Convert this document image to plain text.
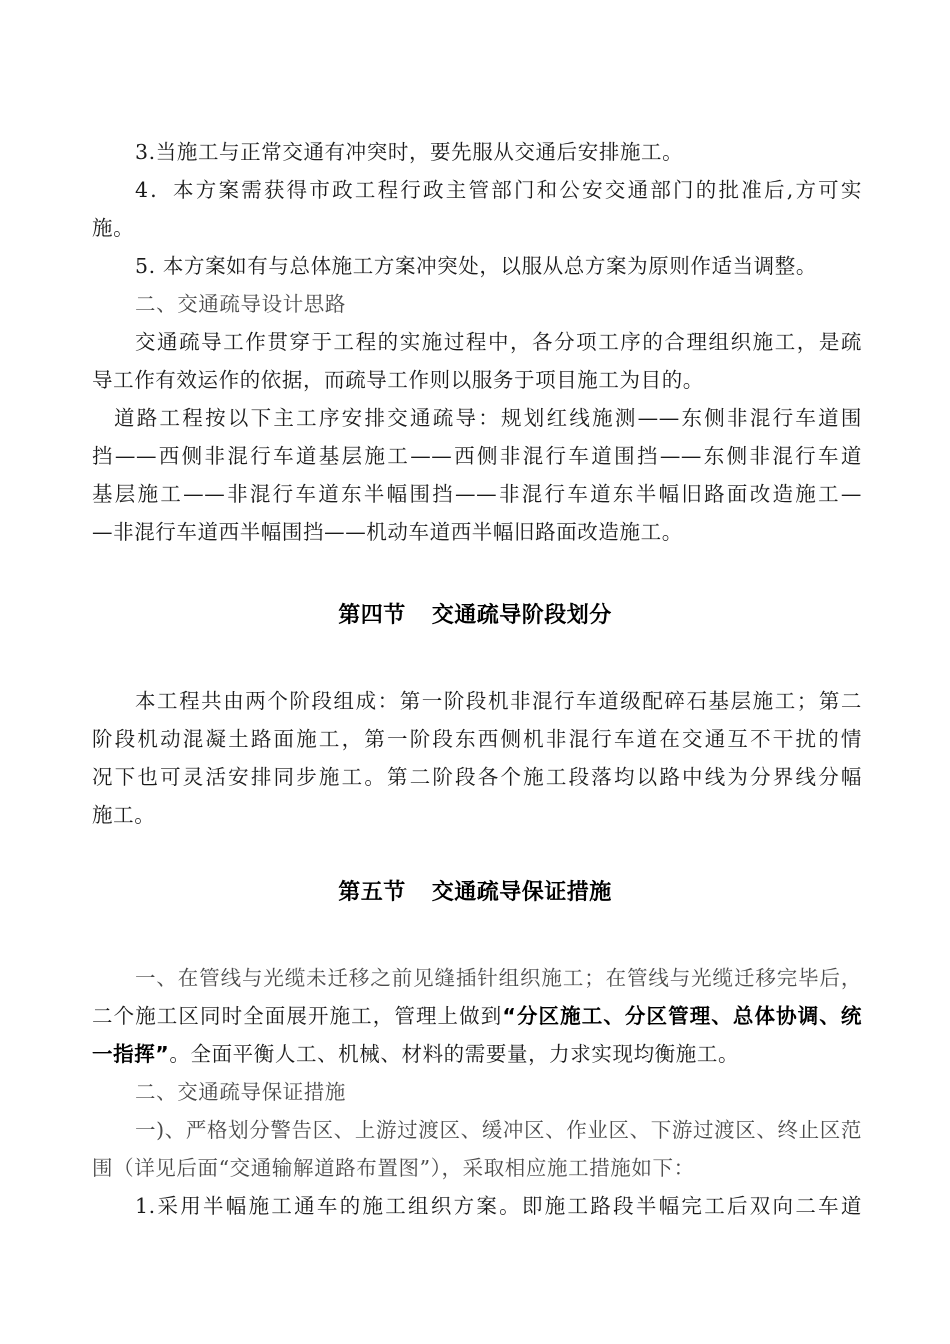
3.当施工与正常交通有冲突时，要先服从交通后安排施工。
4．本方案需获得市政工程行政主管部门和公安交通部门的批准后,方可实
施。
5. 本方案如有与总体施工方案冲突处，以服从总方案为原则作适当调整。
二、交通疏导设计思路
交通疏导工作贯穿于工程的实施过程中，各分项工序的合理组织施工，是疏
导工作有效运作的依据，而疏导工作则以服务于项目施工为目的。
道路工程按以下主工序安排交通疏导：规划红线施测——东侧非混行车道围
挡——西侧非混行车道基层施工——西侧非混行车道围挡——东侧非混行车道
基层施工——非混行车道东半幅围挡——非混行车道东半幅旧路面改造施工—
—非混行车道西半幅围挡——机动车道西半幅旧路面改造施工。
第四节 交通疏导阶段划分
本工程共由两个阶段组成：第一阶段机非混行车道级配碎石基层施工；第二
阶段机动混凝土路面施工，第一阶段东西侧机非混行车道在交通互不干扰的情
况下也可灵活安排同步施工。第二阶段各个施工段落均以路中线为分界线分幅
施工。
第五节 交通疏导保证措施
一、在管线与光缆未迁移之前见缝插针组织施工；在管线与光缆迁移完毕后，
二个施工区同时全面展开施工，管理上做到“分区施工、分区管理、总体协调、统
一指挥”。全面平衡人工、机械、材料的需要量，力求实现均衡施工。
二、交通疏导保证措施
一)、严格划分警告区、上游过渡区、缓冲区、作业区、下游过渡区、终止区范
围（详见后面“交通输解道路布置图”），采取相应施工措施如下：
1.采用半幅施工通车的施工组织方案。即施工路段半幅完工后双向二车道
